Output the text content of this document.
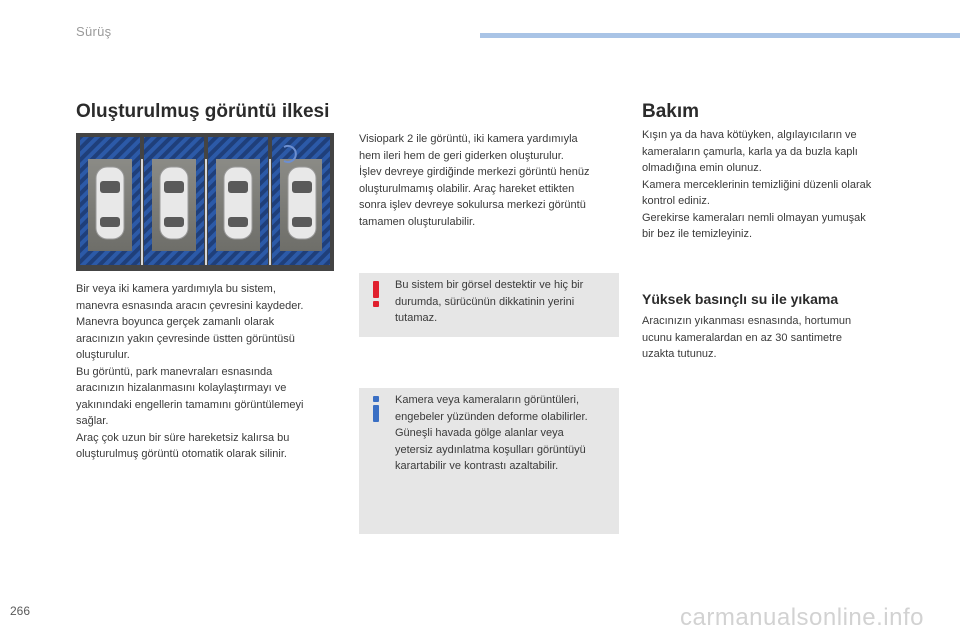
Sürüş
Oluşturulmuş görüntü ilkesi

Bir veya iki kamera yardımıyla bu sistem,
manevra esnasında aracın çevresini kaydeder.
Manevra boyunca gerçek zamanlı olarak
aracınızın yakın çevresinde üstten görüntüsü
oluşturulur.
Bu görüntü, park manevraları esnasında
aracınızın hizalanmasını kolaylaştırmayı ve
yakınındaki engellerin tamamını görüntülemeyi
sağlar.
Araç çok uzun bir süre hareketsiz kalırsa bu
oluşturulmuş görüntü otomatik olarak silinir.

Visiopark 2 ile görüntü, iki kamera yardımıyla
hem ileri hem de geri giderken oluşturulur.
İşlev devreye girdiğinde merkezi görüntü henüz
oluşturulmamış olabilir. Araç hareket ettikten
sonra işlev devreye sokulursa merkezi görüntü
tamamen oluşturulabilir.

Bu sistem bir görsel destektir ve hiç bir
durumda, sürücünün dikkatinin yerini
tutamaz.

Kamera veya kameraların görüntüleri,
engebeler yüzünden deforme olabilirler.
Güneşli havada gölge alanlar veya
yetersiz aydınlatma koşulları görüntüyü
karartabilir ve kontrastı azaltabilir.

Bakım

Kışın ya da hava kötüyken, algılayıcıların ve
kameraların çamurla, karla ya da buzla kaplı
olmadığına emin olunuz.
Kamera merceklerinin temizliğini düzenli olarak
kontrol ediniz.
Gerekirse kameraları nemli olmayan yumuşak
bir bez ile temizleyiniz.

Yüksek basınçlı su ile yıkama

Aracınızın yıkanması esnasında, hortumun
ucunu kameralardan en az 30 santimetre
uzakta tutunuz.

266	carmanualsonline.info
